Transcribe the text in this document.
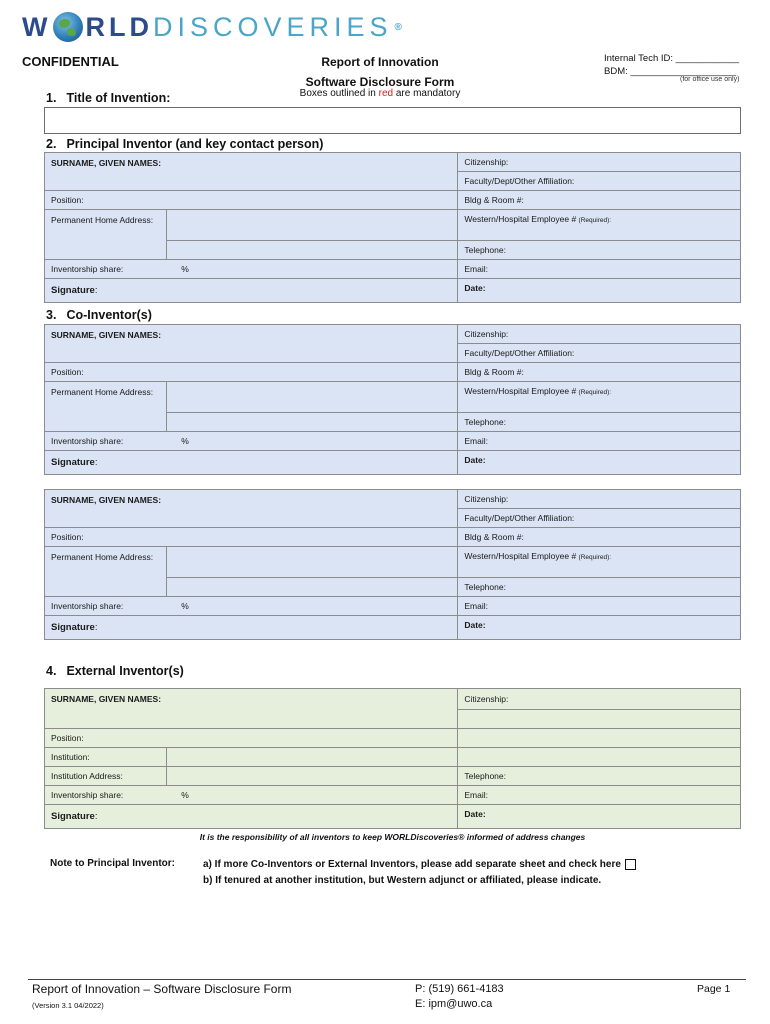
W RLD DISCOVERIES ®
CONFIDENTIAL	Report of Innovation
Software Disclosure Form
Boxes outlined in red are mandatory
Internal Tech ID: ____________
BDM: ____________________
(for office use only)
1. Title of Invention:
2. Principal Inventor (and key contact person)
SURNAME, GIVEN NAMES:		Citizenship:
		Faculty/Dept/Other Affiliation:
Position:		Bldg & Room #:
Permanent Home Address:		Western/Hospital Employee # (Required):
		Telephone:
Inventorship share: %		Email:
Signature:		Date:
3. Co-Inventor(s)
SURNAME, GIVEN NAMES:		Citizenship:
		Faculty/Dept/Other Affiliation:
Position:		Bldg & Room #:
Permanent Home Address:		Western/Hospital Employee # (Required):
		Telephone:
Inventorship share: %		Email:
Signature:		Date:
SURNAME, GIVEN NAMES:		Citizenship:
		Faculty/Dept/Other Affiliation:
Position:		Bldg & Room #:
Permanent Home Address:		Western/Hospital Employee # (Required):
		Telephone:
Inventorship share: %		Email:
Signature:		Date:
4. External Inventor(s)
SURNAME, GIVEN NAMES:		Citizenship:

Position:		
Institution:		
Institution Address:		Telephone:
Inventorship share: %		Email:
Signature:		Date:
It is the responsibility of all inventors to keep WORLDiscoveries® informed of address changes
Note to Principal Inventor:	a) If more Co-Inventors or External Inventors, please add separate sheet and check here
b) If tenured at another institution, but Western adjunct or affiliated, please indicate.
Report of Innovation – Software Disclosure Form
(Version 3.1 04/2022)
P: (519) 661-4183
E: ipm@uwo.ca
Page 1
